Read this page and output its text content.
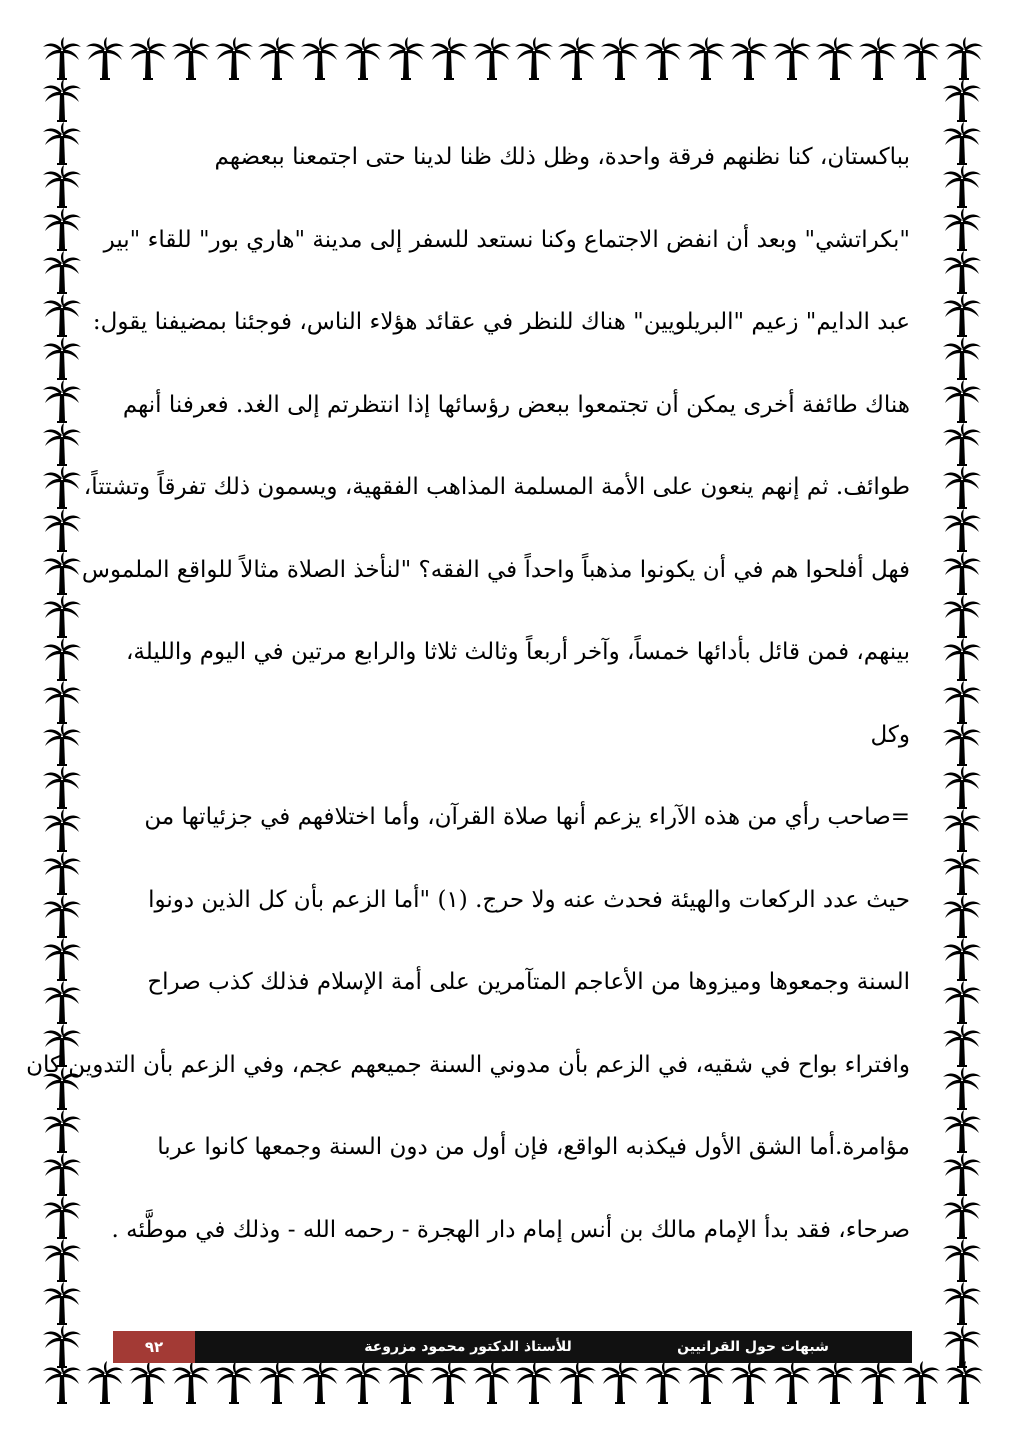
بباكستان، كنا نظنهم فرقة واحدة، وظل ذلك ظنا لدينا حتى اجتمعنا ببعضهم
"بكراتشي" وبعد أن انفض الاجتماع وكنا نستعد للسفر إلى مدينة "هاري بور" للقاء "بير
عبد الدايم" زعيم "البريلويين" هناك للنظر في عقائد هؤلاء الناس، فوجئنا بمضيفنا يقول:
هناك طائفة أخرى يمكن أن تجتمعوا ببعض رؤسائها إذا انتظرتم إلى الغد. فعرفنا أنهم
طوائف. ثم إنهم ينعون على الأمة المسلمة المذاهب الفقهية، ويسمون ذلك تفرقاً وتشتتاً،
فهل أفلحوا هم في أن يكونوا مذهباً واحداً في الفقه؟ "لنأخذ الصلاة مثالاً للواقع الملموس
بينهم، فمن قائل بأدائها خمساً، وآخر أربعاً وثالث ثلاثا والرابع مرتين في اليوم والليلة،
وكل
=صاحب رأي من هذه الآراء يزعم أنها صلاة القرآن، وأما اختلافهم في جزئياتها من
حيث عدد الركعات والهيئة فحدث عنه ولا حرج. (١) "أما الزعم بأن كل الذين دونوا
السنة وجمعوها وميزوها من الأعاجم المتآمرين على أمة الإسلام فذلك كذب صراح
وافتراء بواح في شقيه، في الزعم بأن مدوني السنة جميعهم عجم، وفي الزعم بأن التدوين كان
مؤامرة.أما الشق الأول فيكذبه الواقع، فإن أول من دون السنة وجمعها كانوا عربا
صرحاء، فقد بدأ الإمام مالك بن أنس إمام دار الهجرة - رحمه الله - وذلك في موطَّئه .
٩٢	للأستاذ الدكتور محمود مزروعة	شبهات حول القرانيين
